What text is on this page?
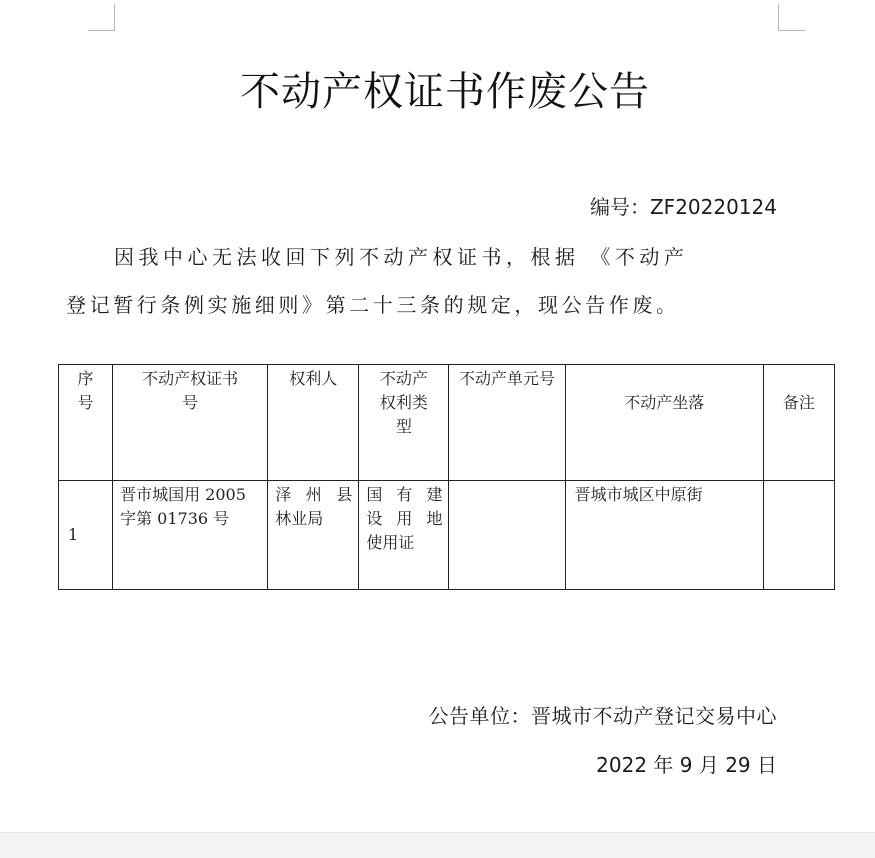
不动产权证书作废公告
编号：ZF20220124
因我中心无法收回下列不动产权证书，根据 《不动产
登记暂行条例实施细则》第二十三条的规定，现公告作废。
序号	不动产权证书号	权利人	不动产权利类型	不动产单元号	不动产坐落	备注

1	晋市城国用 2005
字第 01736 号	泽州县
林业局	国有建
设用地
使用证		晋城市城区中原街	

公告单位：晋城市不动产登记交易中心
2022 年 9 月 29 日
